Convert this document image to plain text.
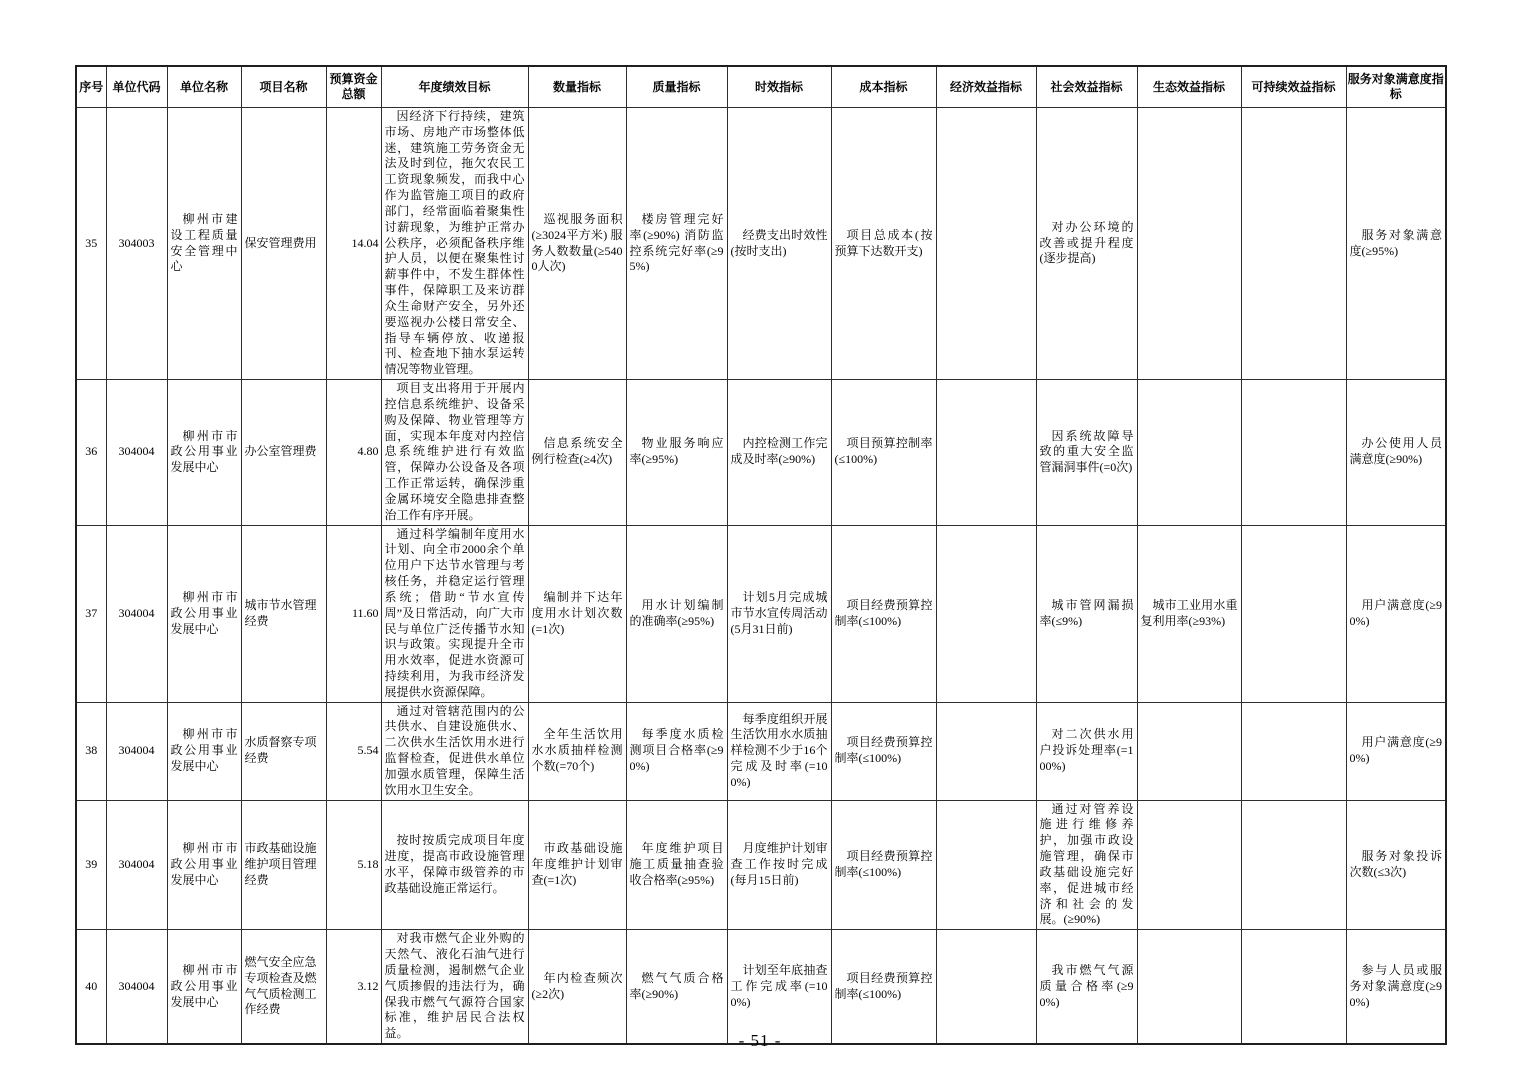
序号	单位代码	单位名称	项目名称	预算资金总额	年度绩效目标	数量指标	质量指标	时效指标	成本指标	经济效益指标	社会效益指标	生态效益指标	可持续效益指标	服务对象满意度指标
35	304003	柳州市建设工程质量安全管理中心	保安管理费用	14.04	因经济下行持续，建筑市场、房地产市场整体低迷，建筑施工劳务资金无法及时到位，拖欠农民工工资现象频发，而我中心作为监管施工项目的政府部门，经常面临着聚集性讨薪现象，为维护正常办公秩序，必须配备秩序维护人员，以便在聚集性讨薪事件中，不发生群体性事件，保障职工及来访群众生命财产安全，另外还要巡视办公楼日常安全、指导车辆停放、收递报刊、检查地下抽水泵运转情况等物业管理。	巡视服务面积(≥3024平方米) 服务人数数量(≥5400人次)	楼房管理完好率(≥90%) 消防监控系统完好率(≥95%)	经费支出时效性(按时支出)	项目总成本(按预算下达数开支)		对办公环境的改善或提升程度(逐步提高)			服务对象满意度(≥95%)
36	304004	柳州市市政公用事业发展中心	办公室管理费	4.80	项目支出将用于开展内控信息系统维护、设备采购及保障、物业管理等方面，实现本年度对内控信息系统维护进行有效监管，保障办公设备及各项工作正常运转，确保涉重金属环境安全隐患排查整治工作有序开展。	信息系统安全例行检查(≥4次)	物业服务响应率(≥95%)	内控检测工作完成及时率(≥90%)	项目预算控制率(≤100%)		因系统故障导致的重大安全监管漏洞事件(=0次)			办公使用人员满意度(≥90%)
37	304004	柳州市市政公用事业发展中心	城市节水管理经费	11.60	通过科学编制年度用水计划、向全市2000余个单位用户下达节水管理与考核任务，并稳定运行管理系统；借助“节水宣传周”及日常活动，向广大市民与单位广泛传播节水知识与政策。实现提升全市用水效率，促进水资源可持续利用，为我市经济发展提供水资源保障。	编制并下达年度用水计划次数(=1次)	用水计划编制的准确率(≥95%)	计划5月完成城市节水宣传周活动(5月31日前)	项目经费预算控制率(≤100%)		城市管网漏损率(≤9%)	城市工业用水重复利用率(≥93%)		用户满意度(≥90%)
38	304004	柳州市市政公用事业发展中心	水质督察专项经费	5.54	通过对管辖范围内的公共供水、自建设施供水、二次供水生活饮用水进行监督检查，促进供水单位加强水质管理，保障生活饮用水卫生安全。	全年生活饮用水水质抽样检测个数(=70个)	每季度水质检测项目合格率(≥90%)	每季度组织开展生活饮用水水质抽样检测不少于16个完成及时率(=100%)	项目经费预算控制率(≤100%)		对二次供水用户投诉处理率(=100%)			用户满意度(≥90%)
39	304004	柳州市市政公用事业发展中心	市政基础设施维护项目管理经费	5.18	按时按质完成项目年度进度，提高市政设施管理水平，保障市级管养的市政基础设施正常运行。	市政基础设施年度维护计划审查(=1次)	年度维护项目施工质量抽查验收合格率(≥95%)	月度维护计划审查工作按时完成(每月15日前)	项目经费预算控制率(≤100%)		通过对管养设施进行维修养护，加强市政设施管理，确保市政基础设施完好率，促进城市经济和社会的发展。(≥90%)			服务对象投诉次数(≤3次)
40	304004	柳州市市政公用事业发展中心	燃气安全应急专项检查及燃气气质检测工作经费	3.12	对我市燃气企业外购的天然气、液化石油气进行质量检测，遏制燃气企业气质掺假的违法行为，确保我市燃气气源符合国家标准，维护居民合法权益。	年内检查频次(≥2次)	燃气气质合格率(≥90%)	计划至年底抽查工作完成率(=100%)	项目经费预算控制率(≤100%)		我市燃气气源质量合格率(≥90%)			参与人员或服务对象满意度(≥90%)
- 51 -
